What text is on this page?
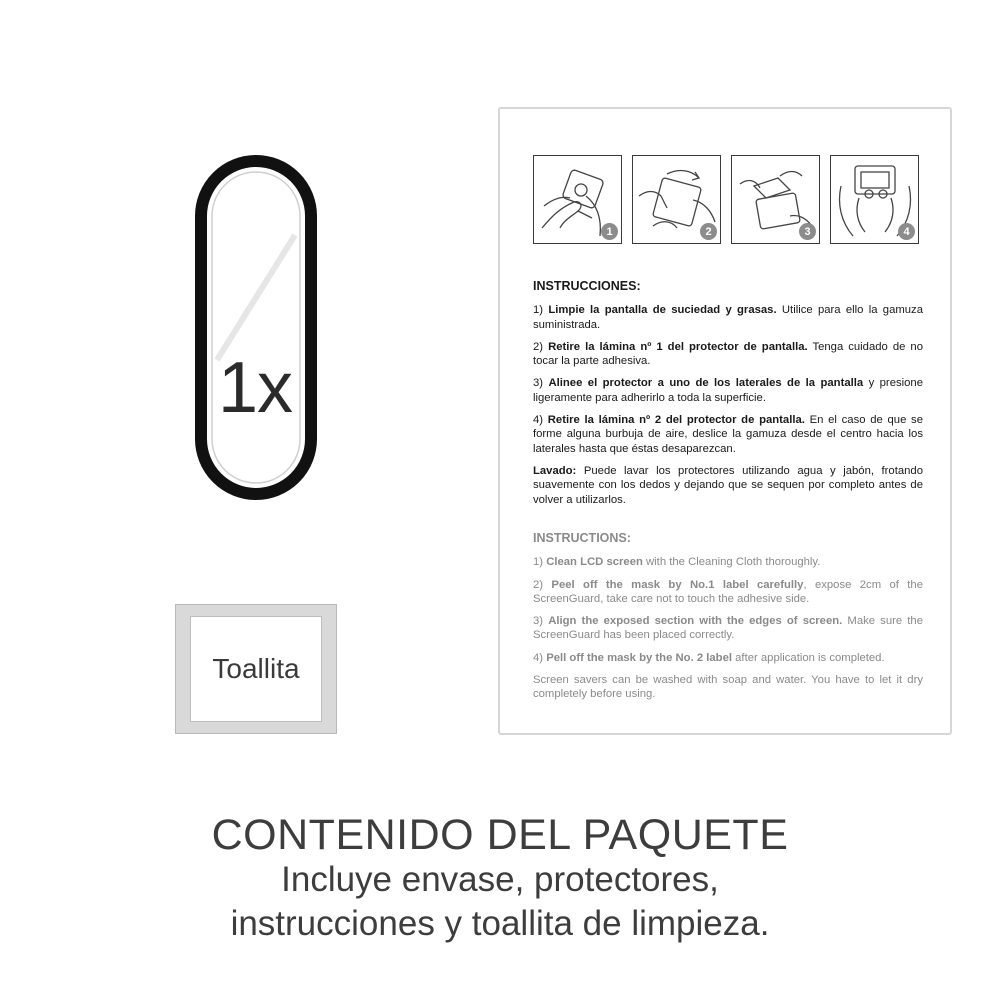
1x
Toallita
1	2	3	4
INSTRUCCIONES:

1) Limpie la pantalla de suciedad y grasas. Utilice para ello la gamuza suministrada.

2) Retire la lámina nº 1 del protector de pantalla. Tenga cuidado de no tocar la parte adhesiva.

3) Alinee el protector a uno de los laterales de la pantalla y presione ligeramente para adherirlo a toda la superficie.

4) Retire la lámina nº 2 del protector de pantalla. En el caso de que se forme alguna burbuja de aire, deslice la gamuza desde el centro hacia los laterales hasta que éstas desaparezcan.

Lavado: Puede lavar los protectores utilizando agua y jabón, frotando suavemente con los dedos y dejando que se sequen por completo antes de volver a utilizarlos.

INSTRUCTIONS:

1) Clean LCD screen with the Cleaning Cloth thoroughly.

2) Peel off the mask by No.1 label carefully, expose 2cm of the ScreenGuard, take care not to touch the adhesive side.

3) Align the exposed section with the edges of screen. Make sure the ScreenGuard has been placed correctly.

4) Pell off the mask by the No. 2 label after application is completed.

Screen savers can be washed with soap and water. You have to let it dry completely before using.

CONTENIDO DEL PAQUETE
Incluye envase, protectores,
instrucciones y toallita de limpieza.
